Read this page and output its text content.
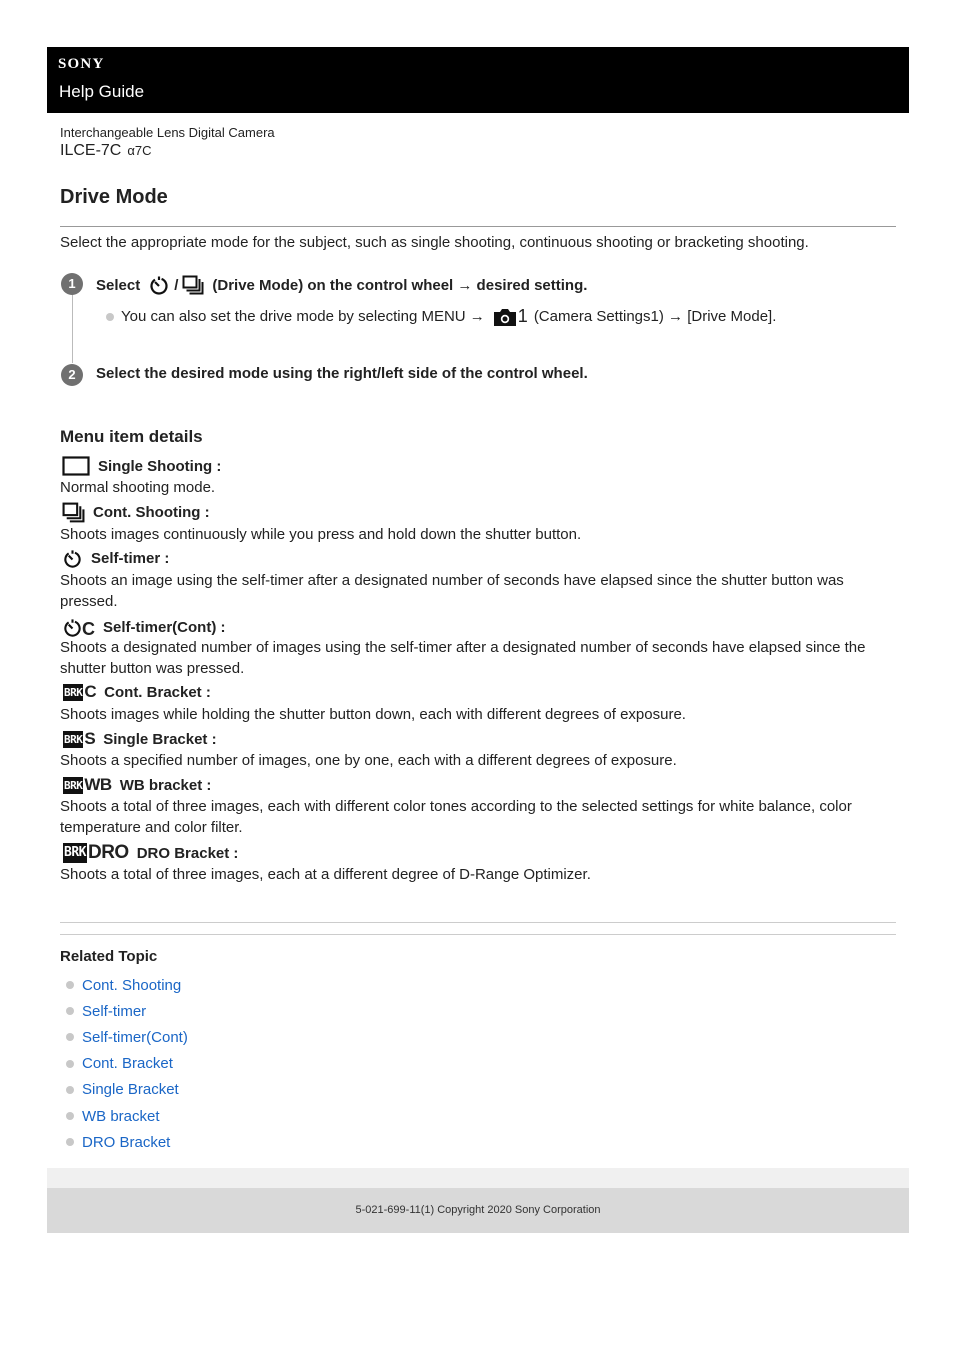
SONY
Help Guide
Interchangeable Lens Digital Camera
ILCE-7C α7C
Drive Mode
Select the appropriate mode for the subject, such as single shooting, continuous shooting or bracketing shooting.
1	Select / (Drive Mode) on the control wheel → desired setting.
You can also set the drive mode by selecting MENU → 1 (Camera Settings1) → [Drive Mode].
2	Select the desired mode using the right/left side of the control wheel.
Menu item details
Single Shooting :
Normal shooting mode.
Cont. Shooting :
Shoots images continuously while you press and hold down the shutter button.
Self-timer :
Shoots an image using the self-timer after a designated number of seconds have elapsed since the shutter button was pressed.
C Self-timer(Cont) :
Shoots a designated number of images using the self-timer after a designated number of seconds have elapsed since the shutter button was pressed.
BRK C Cont. Bracket :
Shoots images while holding the shutter button down, each with different degrees of exposure.
BRK S Single Bracket :
Shoots a specified number of images, one by one, each with a different degrees of exposure.
BRK WB WB bracket :
Shoots a total of three images, each with different color tones according to the selected settings for white balance, color temperature and color filter.
BRK DRO DRO Bracket :
Shoots a total of three images, each at a different degree of D-Range Optimizer.
Related Topic
Cont. Shooting
Self-timer
Self-timer(Cont)
Cont. Bracket
Single Bracket
WB bracket
DRO Bracket
5-021-699-11(1) Copyright 2020 Sony Corporation
